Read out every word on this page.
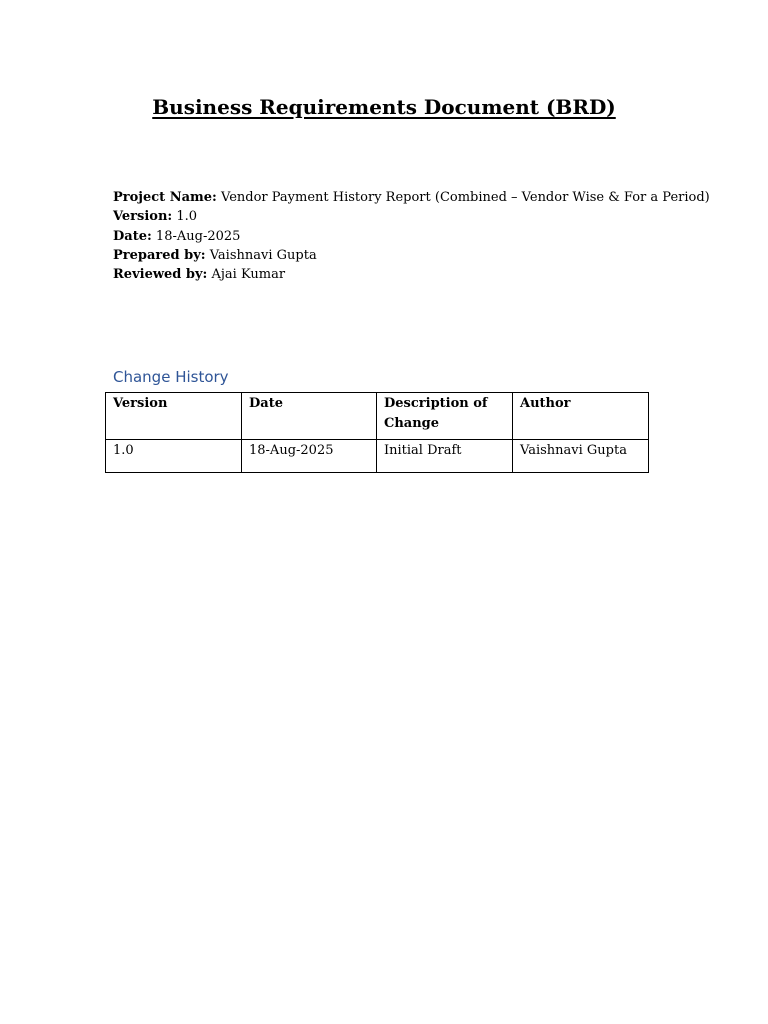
Business Requirements Document (BRD)
Project Name: Vendor Payment History Report (Combined – Vendor Wise & For a Period)
Version: 1.0
Date: 18-Aug-2025
Prepared by: Vaishnavi Gupta
Reviewed by: Ajai Kumar
Change History
Version	Date	Description of Change	Author
1.0	18-Aug-2025	Initial Draft	Vaishnavi Gupta
